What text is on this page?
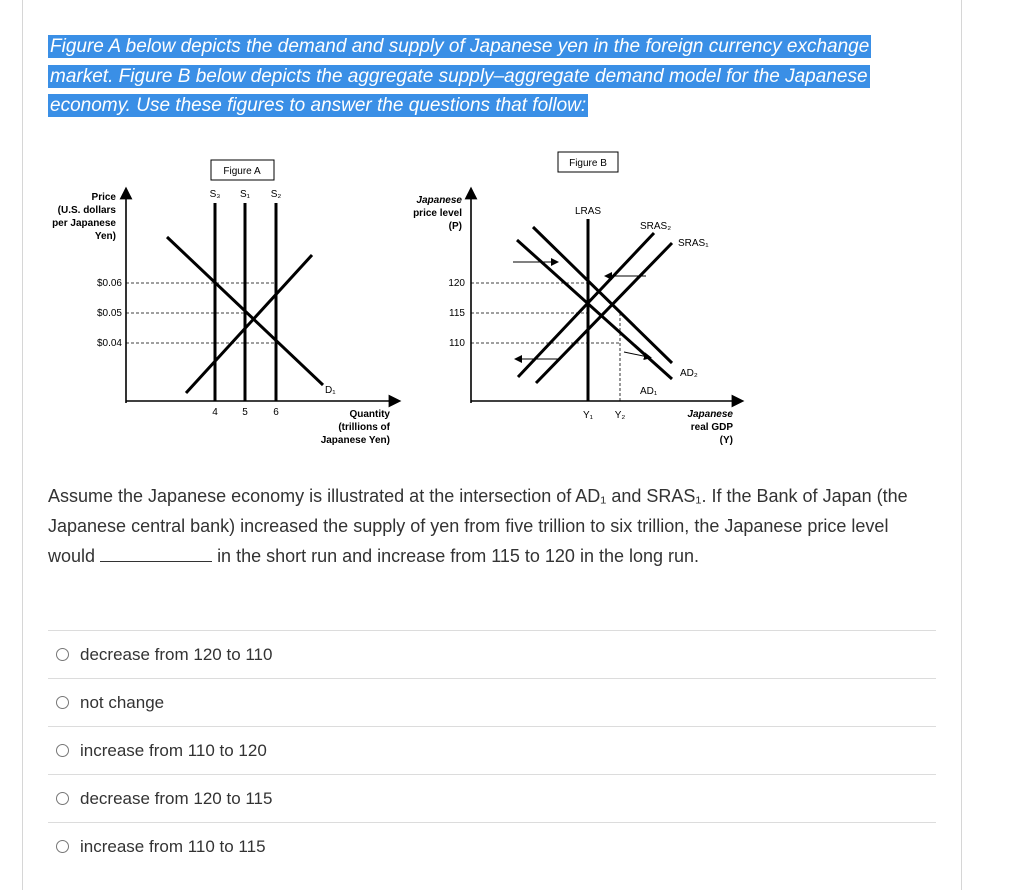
Figure A below depicts the demand and supply of Japanese yen in the foreign currency exchange
market. Figure B below depicts the aggregate supply–aggregate demand model for the Japanese
economy. Use these figures to answer the questions that follow:
Figure A
Price
(U.S. dollars
per Japanese
Yen)
$0.06
$0.05
$0.04
S₃ S₁ S₂
D₁
4 5	6	Quantity
(trillions of
Japanese Yen)
Figure B
Japanese
price level
(P)
120
115
110
LRAS
SRAS₂
SRAS₁
AD₂
AD₁
Y₁ Y₂	Japanese
real GDP
(Y)
Assume the Japanese economy is illustrated at the intersection of AD₁ and SRAS₁. If the Bank of Japan (the Japanese central bank) increased the supply of yen from five trillion to six trillion, the Japanese price level would	in the short run and increase from 115 to 120 in the long run.
decrease from 120 to 110
not change
increase from 110 to 120
decrease from 120 to 115
increase from 110 to 115
